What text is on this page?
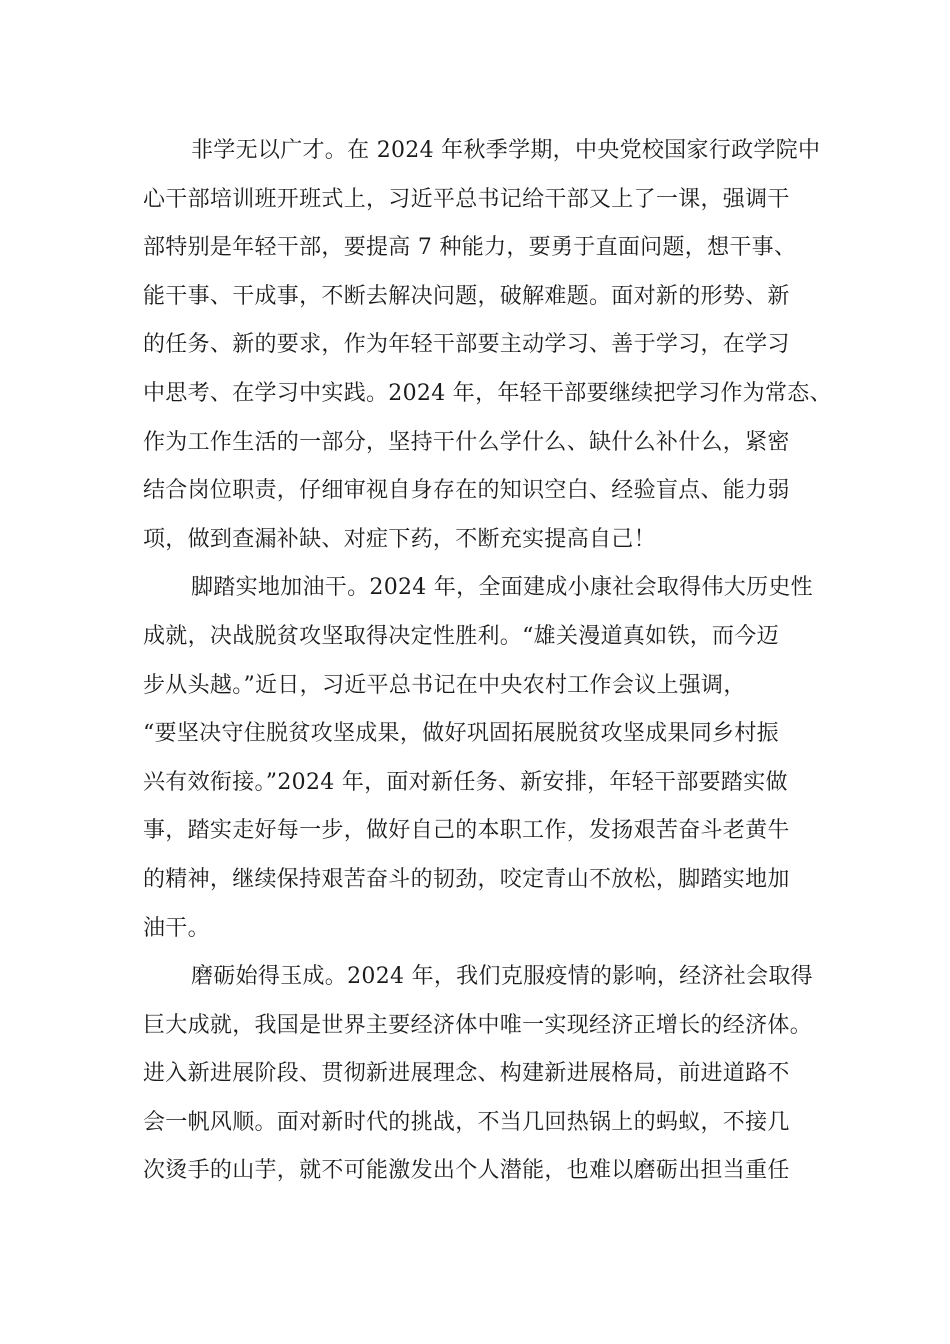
非学无以广才。在 2024 年秋季学期，中央党校国家行政学院中
心干部培训班开班式上，习近平总书记给干部又上了一课，强调干
部特别是年轻干部，要提高 7 种能力，要勇于直面问题，想干事、
能干事、干成事，不断去解决问题，破解难题。面对新的形势、新
的任务、新的要求，作为年轻干部要主动学习、善于学习，在学习
中思考、在学习中实践。2024 年，年轻干部要继续把学习作为常态、
作为工作生活的一部分，坚持干什么学什么、缺什么补什么，紧密
结合岗位职责，仔细审视自身存在的知识空白、经验盲点、能力弱
项，做到查漏补缺、对症下药，不断充实提高自己！

脚踏实地加油干。2024 年，全面建成小康社会取得伟大历史性
成就，决战脱贫攻坚取得决定性胜利。“雄关漫道真如铁，而今迈
步从头越。”近日，习近平总书记在中央农村工作会议上强调，
“要坚决守住脱贫攻坚成果，做好巩固拓展脱贫攻坚成果同乡村振
兴有效衔接。”2024 年，面对新任务、新安排，年轻干部要踏实做
事，踏实走好每一步，做好自己的本职工作，发扬艰苦奋斗老黄牛
的精神，继续保持艰苦奋斗的韧劲，咬定青山不放松，脚踏实地加
油干。

磨砺始得玉成。2024 年，我们克服疫情的影响，经济社会取得
巨大成就，我国是世界主要经济体中唯一实现经济正增长的经济体。
进入新进展阶段、贯彻新进展理念、构建新进展格局，前进道路不
会一帆风顺。面对新时代的挑战，不当几回热锅上的蚂蚁，不接几
次烫手的山芋，就不可能激发出个人潜能，也难以磨砺出担当重任
